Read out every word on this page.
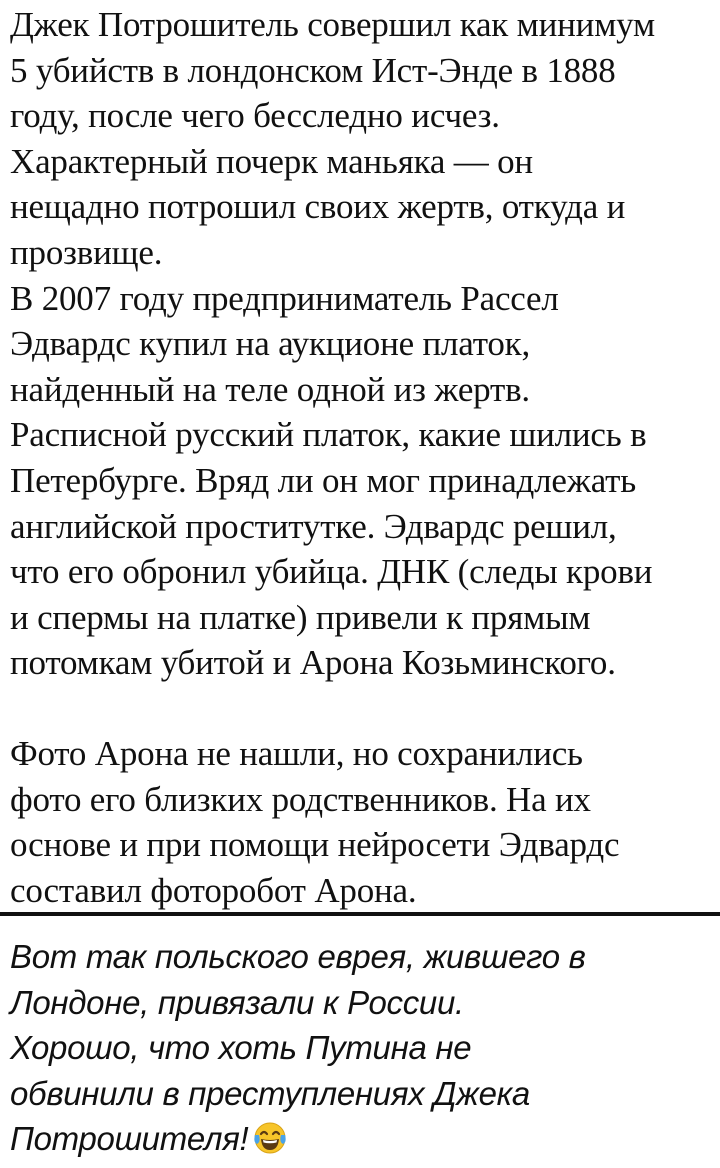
Джек Потрошитель совершил как минимум
5 убийств в лондонском Ист-Энде в 1888
году, после чего бесследно исчез.
Характерный почерк маньяка — он
нещадно потрошил своих жертв, откуда и
прозвище.

В 2007 году предприниматель Рассел
Эдвардс купил на аукционе платок,
найденный на теле одной из жертв.
Расписной русский платок, какие шились в
Петербурге. Вряд ли он мог принадлежать
английской проститутке. Эдвардс решил,
что его обронил убийца. ДНК (следы крови
и спермы на платке) привели к прямым
потомкам убитой и Арона Козьминского.

Фото Арона не нашли, но сохранились
фото его близких родственников. На их
основе и при помощи нейросети Эдвардс
составил фоторобот Арона.

Вот так польского еврея, жившего в
Лондоне, привязали к России.
Хорошо, что хоть Путина не
обвинили в преступлениях Джека
Потрошителя!
